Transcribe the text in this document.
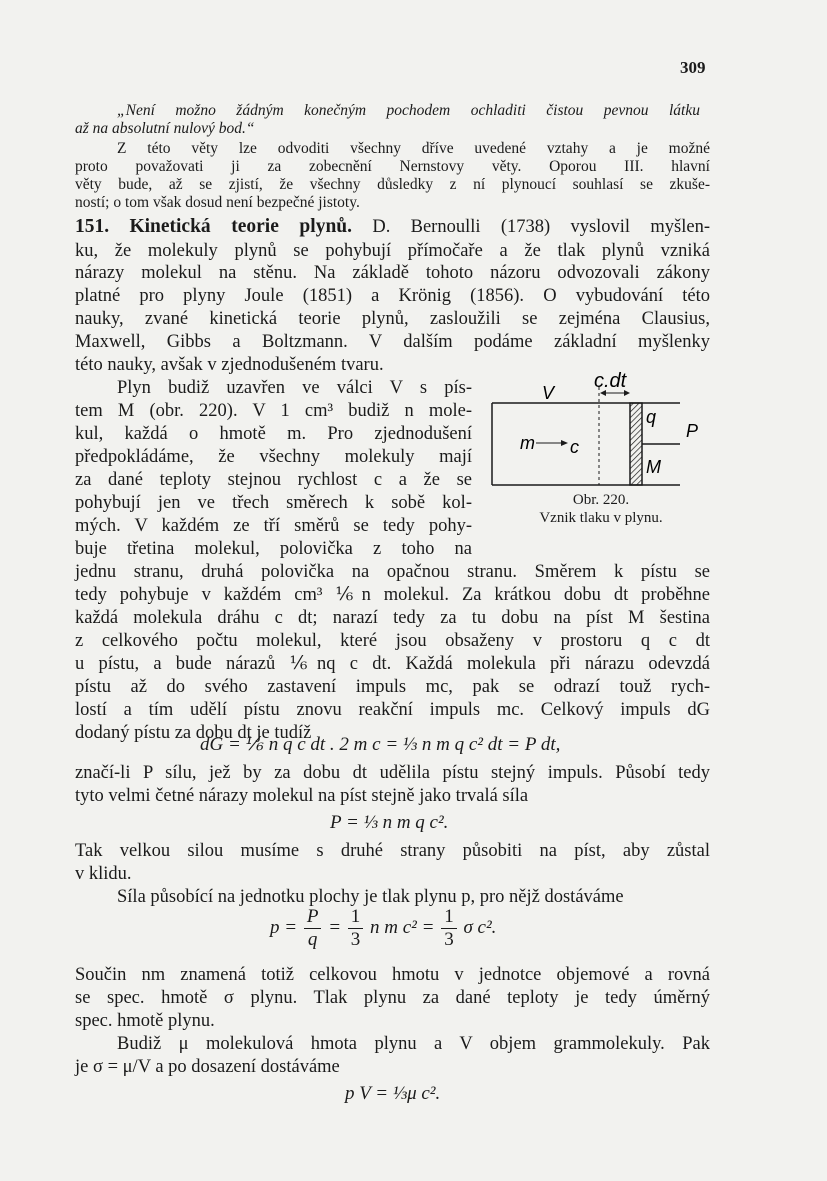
309
„Není možno žádným konečným pochodem ochladiti čistou pevnou látku
až na absolutní nulový bod.“
Z této věty lze odvoditi všechny dříve uvedené vztahy a je možné
proto považovati ji za zobecnění Nernstovy věty. Oporou III. hlavní
věty bude, až se zjistí, že všechny důsledky z ní plynoucí souhlasí se zkuše-
ností; o tom však dosud není bezpečné jistoty.
151. Kinetická teorie plynů. D. Bernoulli (1738) vyslovil myšlen-
ku, že molekuly plynů se pohybují přímočaře a že tlak plynů vzniká
nárazy molekul na stěnu. Na základě tohoto názoru odvozovali zákony
platné pro plyny Joule (1851) a Krönig (1856). O vybudování této
nauky, zvané kinetická teorie plynů, zasloužili se zejména Clausius,
Maxwell, Gibbs a Boltzmann. V dalším podáme základní myšlenky
této nauky, avšak v zjednodušeném tvaru.
Plyn budiž uzavřen ve válci V s pís-
tem M (obr. 220). V 1 cm³ budiž n mole-
kul, každá o hmotě m. Pro zjednodušení
předpokládáme, že všechny molekuly mají
za dané teploty stejnou rychlost c a že se
pohybují jen ve třech směrech k sobě kol-
mých. V každém ze tří směrů se tedy pohy-
buje třetina molekul, polovička z toho na
c.dt
V
m c
q
P
M
Obr. 220.
Vznik tlaku v plynu.
jednu stranu, druhá polovička na opačnou stranu. Směrem k pístu se
tedy pohybuje v každém cm³ ⅙n molekul. Za krátkou dobu dt proběhne
každá molekula dráhu c dt; narazí tedy za tu dobu na píst M šestina
z celkového počtu molekul, které jsou obsaženy v prostoru q c dt
u pístu, a bude nárazů ⅙nq c dt. Každá molekula při nárazu odevzdá
pístu až do svého zastavení impuls mc, pak se odrazí touž rych-
lostí a tím udělí pístu znovu reakční impuls mc. Celkový impuls dG
dodaný pístu za dobu dt je tudíž
dG = ⅙ n q c dt . 2 m c = ⅓ n m q c² dt = P dt,
značí-li P sílu, jež by za dobu dt udělila pístu stejný impuls. Působí tedy
tyto velmi četné nárazy molekul na píst stejně jako trvalá síla
P = ⅓ n m q c².
Tak velkou silou musíme s druhé strany působiti na píst, aby zůstal
v klidu.
Síla působící na jednotku plochy je tlak plynu p, pro nějž dostáváme
$p = \frac{P}{q} = \frac{1}{3}$ n m $c^2 = \frac{1}{3}$ σ c².
Součin nm znamená totiž celkovou hmotu v jednotce objemové a rovná
se spec. hmotě σ plynu. Tlak plynu za dané teploty je tedy úměrný
spec. hmotě plynu.
Budiž μ molekulová hmota plynu a V objem grammolekuly. Pak
je σ = μ/V a po dosazení dostáváme
p V = ⅓μ c².
